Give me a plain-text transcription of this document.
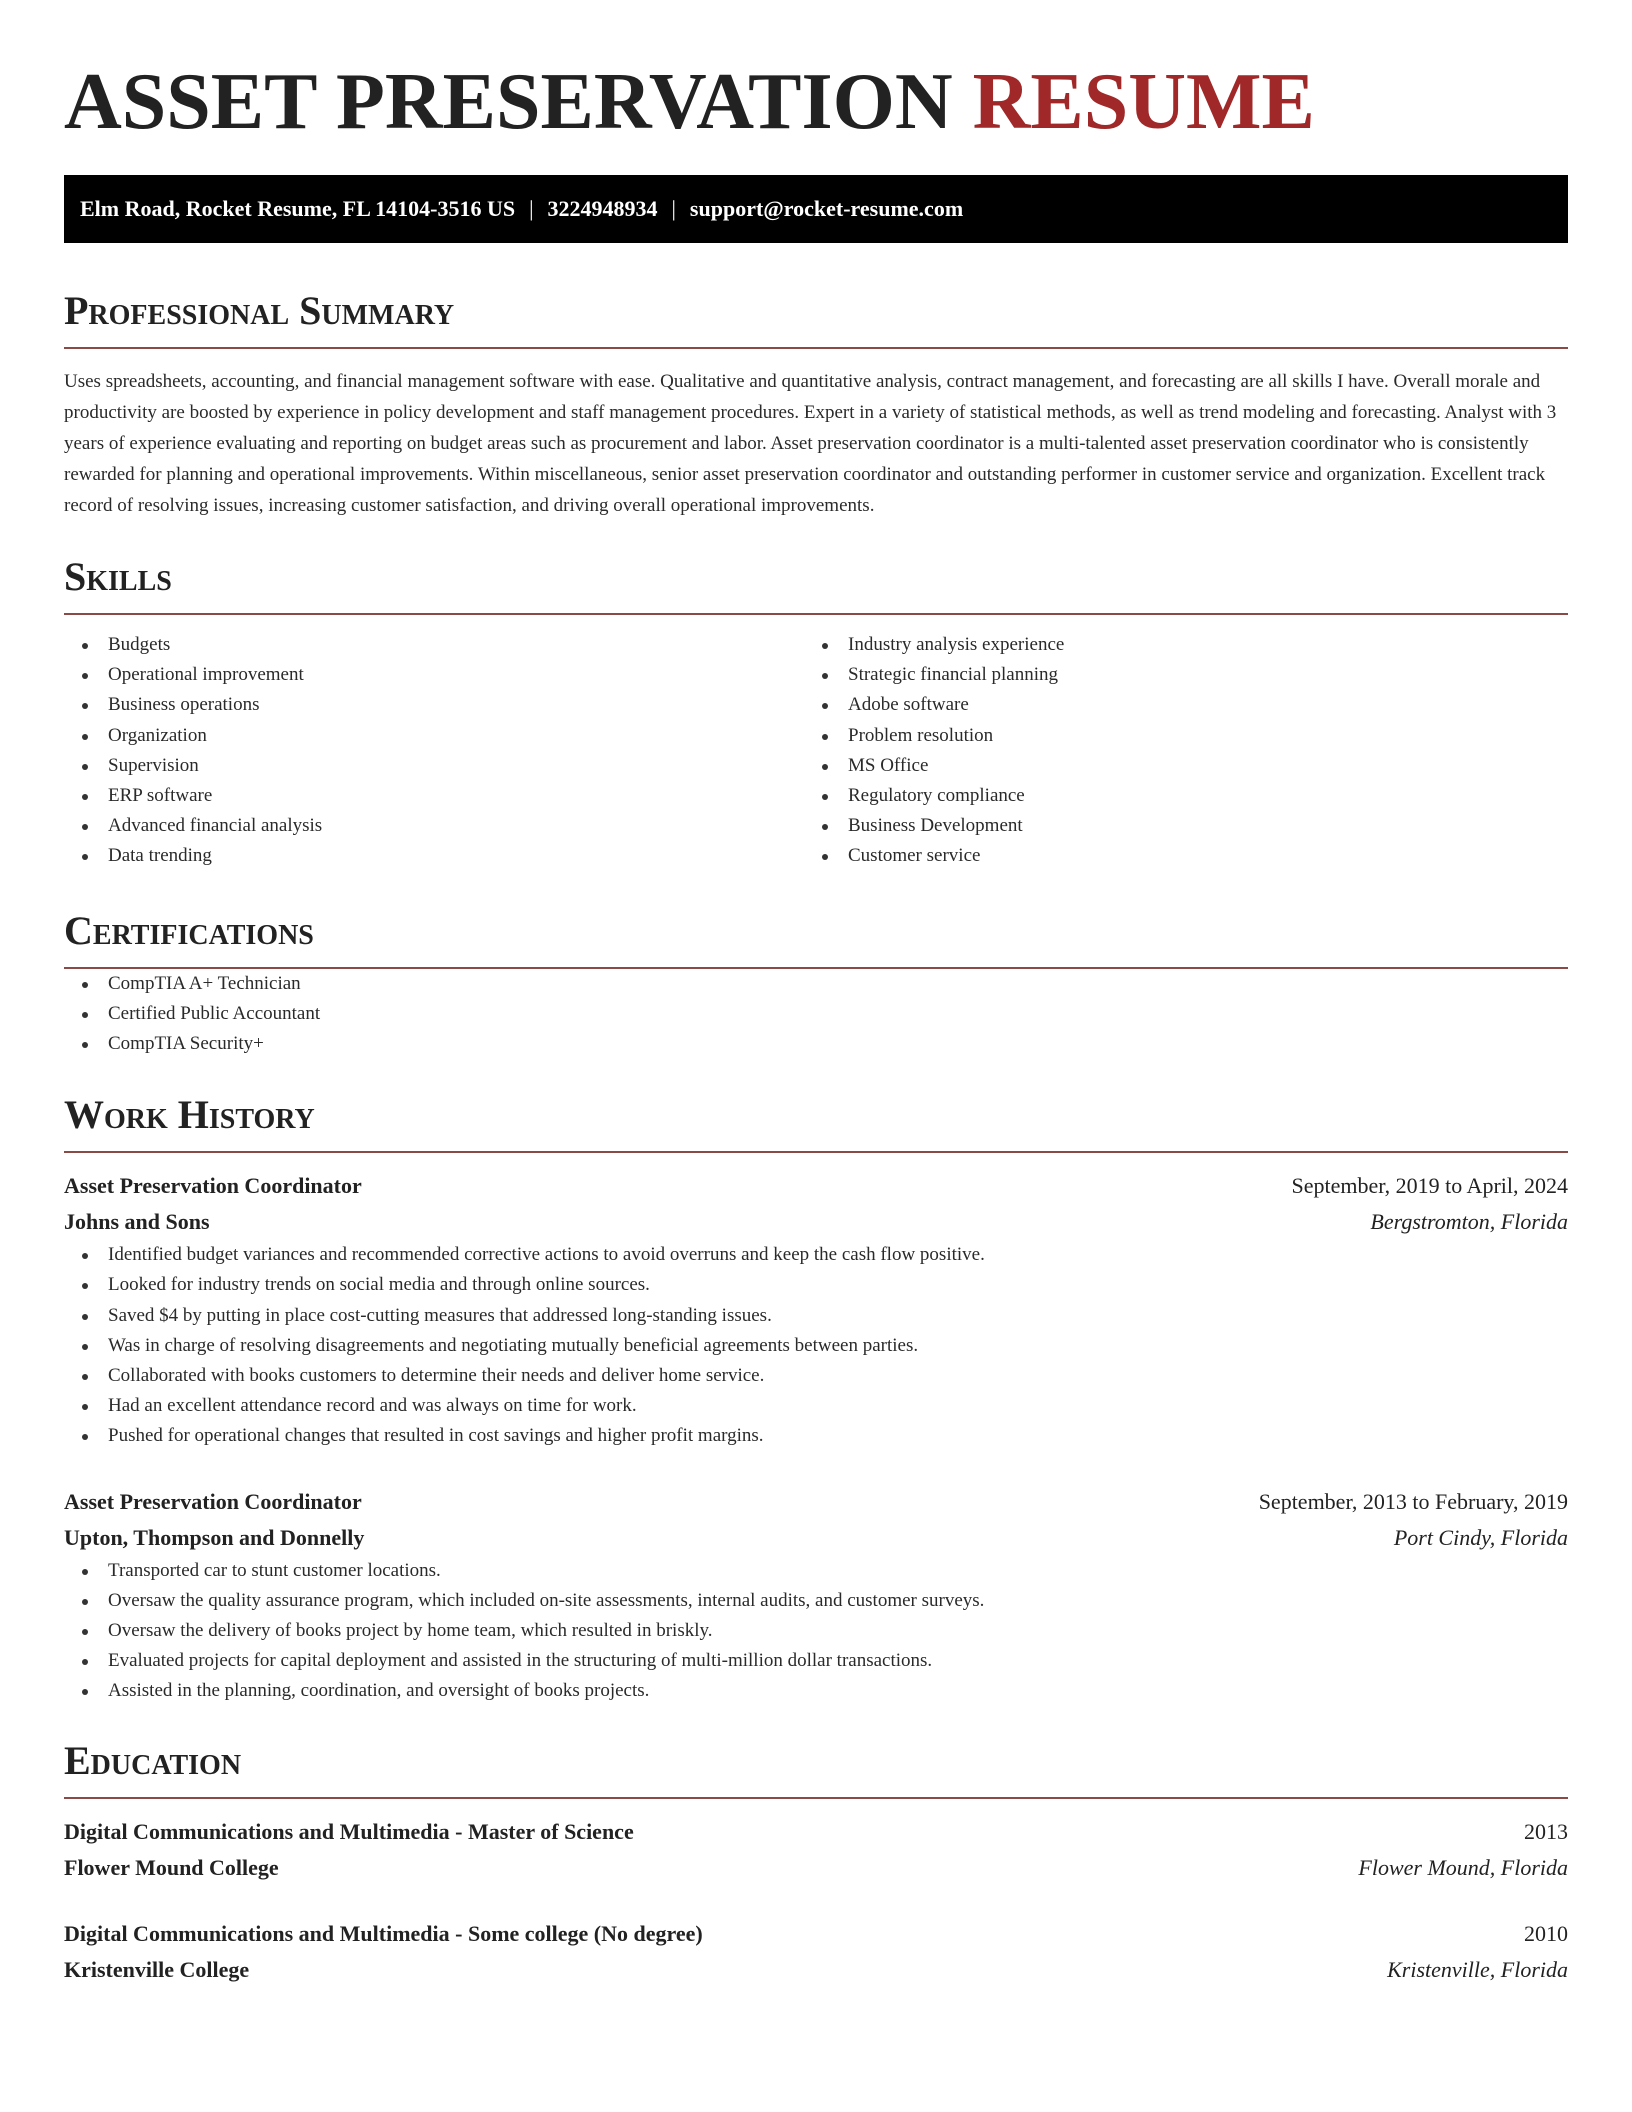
ASSET PRESERVATION RESUME
Elm Road, Rocket Resume, FL 14104-3516 US | 3224948934 | support@rocket-resume.com
Professional Summary

Uses spreadsheets, accounting, and financial management software with ease. Qualitative and quantitative analysis, contract management, and forecasting are all skills I have. Overall morale and productivity are boosted by experience in policy development and staff management procedures. Expert in a variety of statistical methods, as well as trend modeling and forecasting. Analyst with 3 years of experience evaluating and reporting on budget areas such as procurement and labor. Asset preservation coordinator is a multi-talented asset preservation coordinator who is consistently rewarded for planning and operational improvements. Within miscellaneous, senior asset preservation coordinator and outstanding performer in customer service and organization. Excellent track record of resolving issues, increasing customer satisfaction, and driving overall operational improvements.

Skills
Budgets
Operational improvement
Business operations
Organization
Supervision
ERP software
Advanced financial analysis
Data trending
Industry analysis experience
Strategic financial planning
Adobe software
Problem resolution
MS Office
Regulatory compliance
Business Development
Customer service
Certifications
CompTIA A+ Technician
Certified Public Accountant
CompTIA Security+
Work History
Asset Preservation Coordinator	September, 2019 to April, 2024
Johns and Sons	Bergstromton, Florida
Identified budget variances and recommended corrective actions to avoid overruns and keep the cash flow positive.
Looked for industry trends on social media and through online sources.
Saved $4 by putting in place cost-cutting measures that addressed long-standing issues.
Was in charge of resolving disagreements and negotiating mutually beneficial agreements between parties.
Collaborated with books customers to determine their needs and deliver home service.
Had an excellent attendance record and was always on time for work.
Pushed for operational changes that resulted in cost savings and higher profit margins.
Asset Preservation Coordinator	September, 2013 to February, 2019
Upton, Thompson and Donnelly	Port Cindy, Florida
Transported car to stunt customer locations.
Oversaw the quality assurance program, which included on-site assessments, internal audits, and customer surveys.
Oversaw the delivery of books project by home team, which resulted in briskly.
Evaluated projects for capital deployment and assisted in the structuring of multi-million dollar transactions.
Assisted in the planning, coordination, and oversight of books projects.
Education
Digital Communications and Multimedia - Master of Science	2013
Flower Mound College	Flower Mound, Florida
Digital Communications and Multimedia - Some college (No degree)	2010
Kristenville College	Kristenville, Florida
